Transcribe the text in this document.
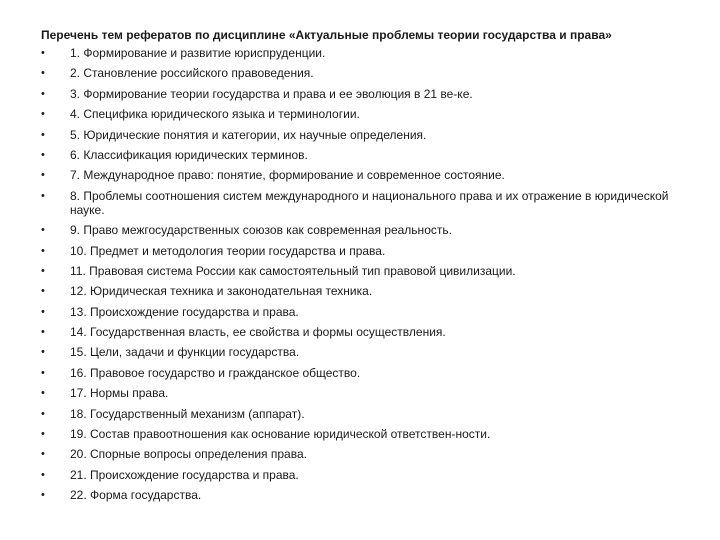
Перечень тем рефератов по дисциплине «Актуальные проблемы теории государства и права»
•	1. Формирование и развитие юриспруденции.
•	2. Становление российского правоведения.
•	3. Формирование теории государства и права и ее эволюция в 21 ве-ке.
•	4. Специфика юридического языка и терминологии.
•	5. Юридические понятия и категории, их научные определения.
•	6. Классификация юридических терминов.
•	7. Международное право: понятие, формирование и современное состояние.
•	8. Проблемы соотношения систем международного и национального права и их отражение в юридической науке.
•	9. Право межгосударственных союзов как современная реальность.
•	10. Предмет и методология теории государства и права.
•	11. Правовая система России как самостоятельный тип правовой цивилизации.
•	12. Юридическая техника и законодательная техника.
•	13. Происхождение государства и права.
•	14. Государственная власть, ее свойства и формы осуществления.
•	15. Цели, задачи и функции государства.
•	16. Правовое государство и гражданское общество.
•	17. Нормы права.
•	18. Государственный механизм (аппарат).
•	19. Состав правоотношения как основание юридической ответствен-ности.
•	20. Спорные вопросы определения права.
•	21. Происхождение государства и права.
•	22. Форма государства.
